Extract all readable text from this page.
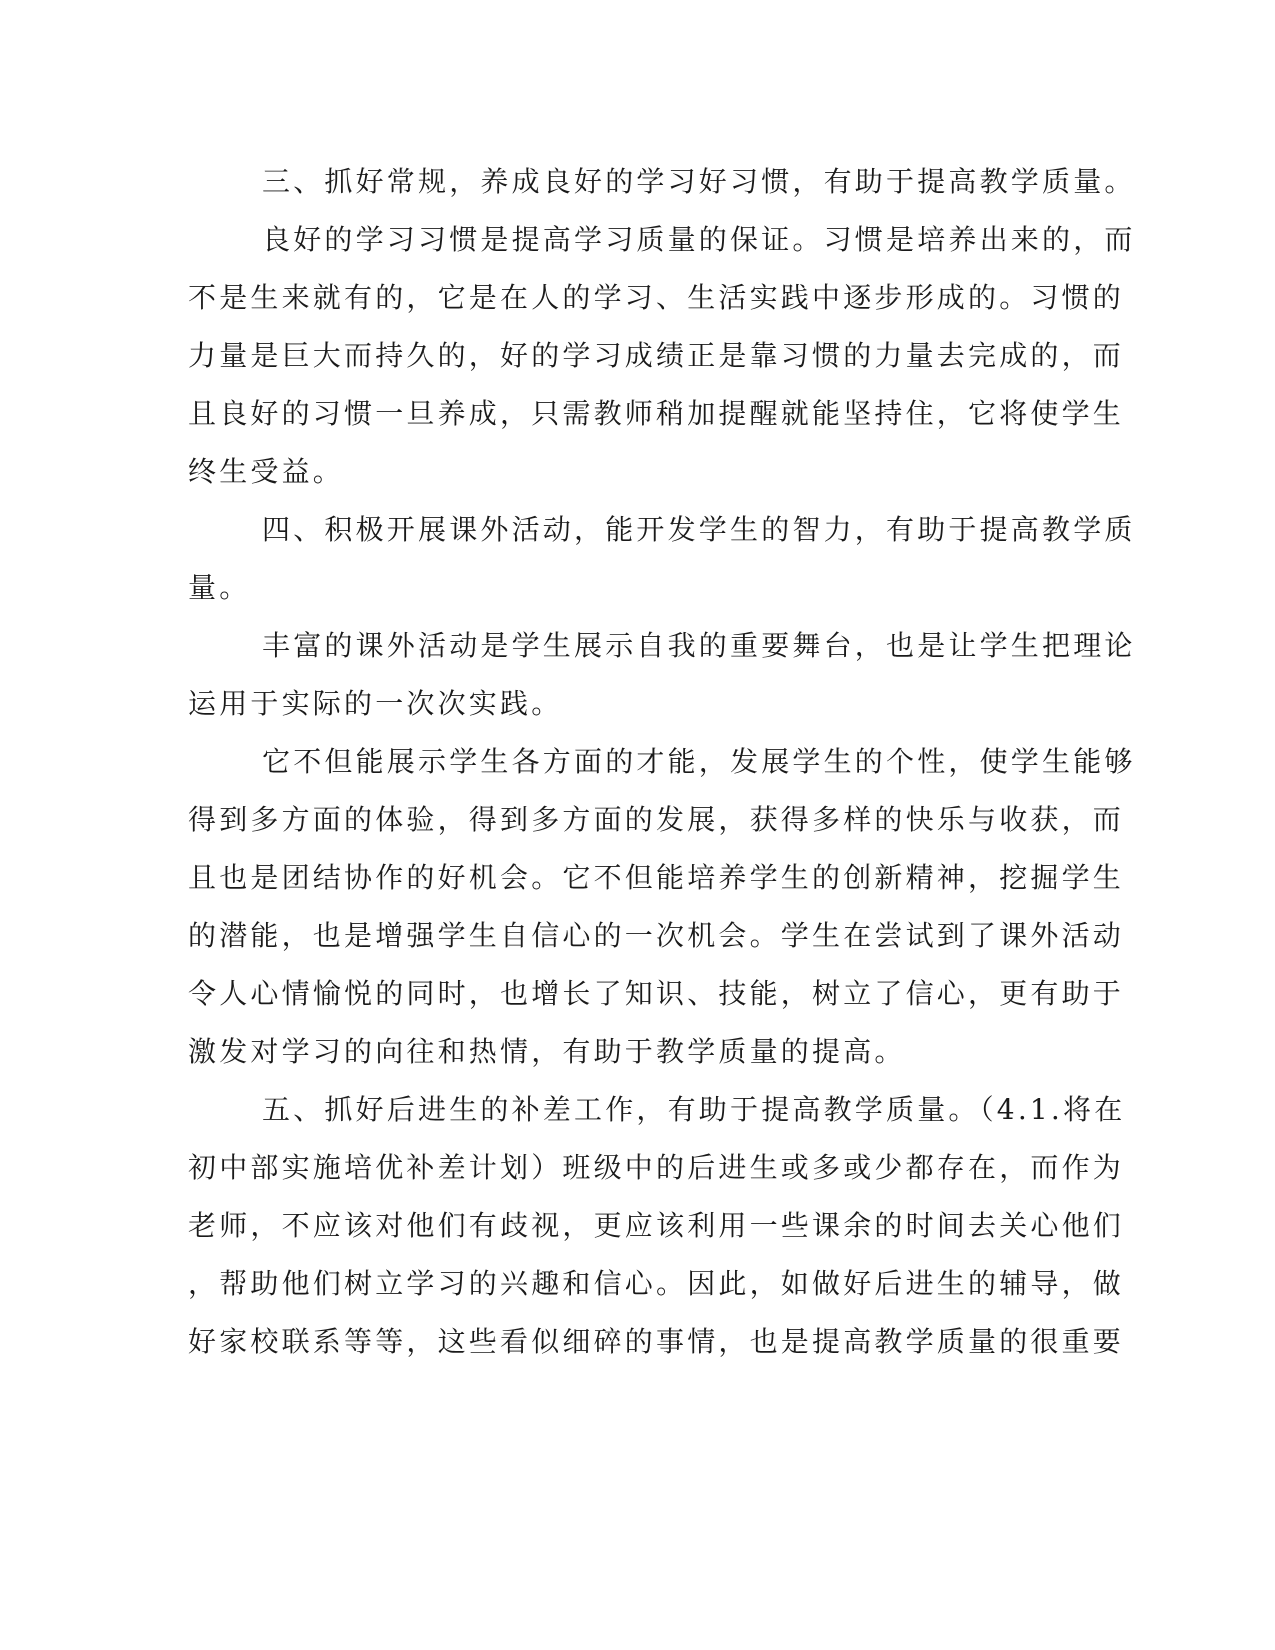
三、抓好常规，养成良好的学习好习惯，有助于提高教学质量。
良好的学习习惯是提高学习质量的保证。习惯是培养出来的，而
不是生来就有的，它是在人的学习、生活实践中逐步形成的。习惯的
力量是巨大而持久的，好的学习成绩正是靠习惯的力量去完成的，而
且良好的习惯一旦养成，只需教师稍加提醒就能坚持住，它将使学生
终生受益。
四、积极开展课外活动，能开发学生的智力，有助于提高教学质
量。
丰富的课外活动是学生展示自我的重要舞台，也是让学生把理论
运用于实际的一次次实践。
它不但能展示学生各方面的才能，发展学生的个性，使学生能够
得到多方面的体验，得到多方面的发展，获得多样的快乐与收获，而
且也是团结协作的好机会。它不但能培养学生的创新精神，挖掘学生
的潜能，也是增强学生自信心的一次机会。学生在尝试到了课外活动
令人心情愉悦的同时，也增长了知识、技能，树立了信心，更有助于
激发对学习的向往和热情，有助于教学质量的提高。
五、抓好后进生的补差工作，有助于提高教学质量。（4.1.将在
初中部实施培优补差计划）班级中的后进生或多或少都存在，而作为
老师，不应该对他们有歧视，更应该利用一些课余的时间去关心他们
，帮助他们树立学习的兴趣和信心。因此，如做好后进生的辅导，做
好家校联系等等，这些看似细碎的事情，也是提高教学质量的很重要
